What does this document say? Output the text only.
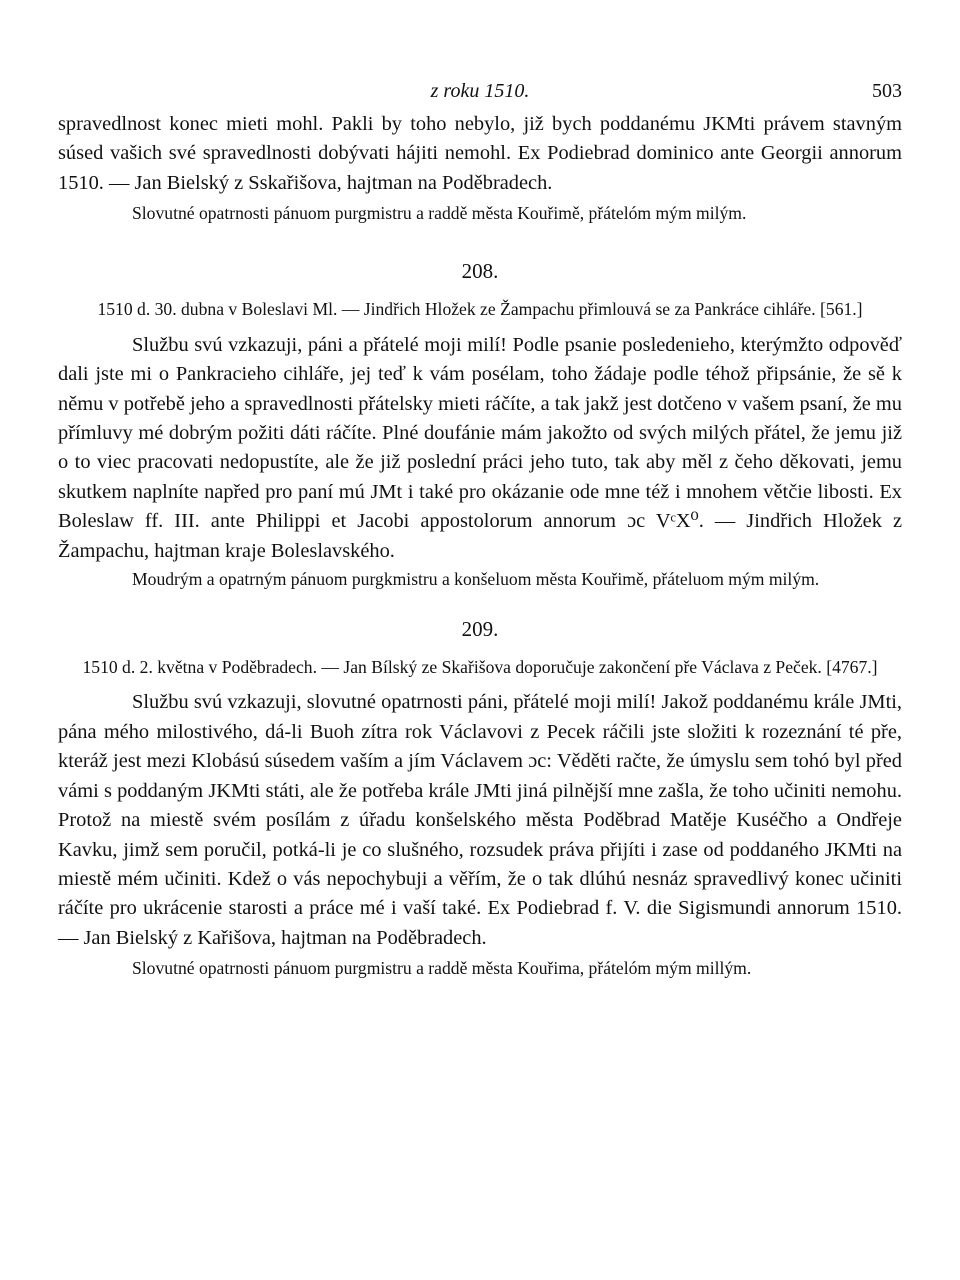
z roku 1510.	503

spravedlnost konec mieti mohl. Pakli by toho nebylo, již bych poddanému JKMti právem stavným súsed vašich své spravedlnosti dobývati hájiti nemohl. Ex Podiebrad dominico ante Georgii annorum 1510. — Jan Bielský z Sskařišova, hajtman na Poděbradech.

Slovutné opatrnosti pánuom purgmistru a raddě města Kouřimě, přátelóm mým milým.

208.

1510 d. 30. dubna v Boleslavi Ml. — Jindřich Hložek ze Žampachu přimlouvá se za Pankráce cihláře. [561.]

Službu svú vzkazuji, páni a přátelé moji milí! Podle psanie posledenieho, kterýmžto odpověď dali jste mi o Pankracieho cihláře, jej teď k vám posélam, toho žádaje podle téhož připsánie, že sě k němu v potřebě jeho a spravedlnosti přátelsky mieti ráčíte, a tak jakž jest dotčeno v vašem psaní, že mu přímluvy mé dobrým požiti dáti ráčíte. Plné doufánie mám jakožto od svých milých přátel, že jemu již o to viec pracovati nedopustíte, ale že již poslední práci jeho tuto, tak aby měl z čeho děkovati, jemu skutkem naplníte napřed pro paní mú JMt i také pro okázanie ode mne též i mnohem větčie libosti. Ex Boleslaw ff. III. ante Philippi et Jacobi appostolorum annorum ɔc VᶜX⁰. — Jindřich Hložek z Žampachu, hajtman kraje Boleslavského.

Moudrým a opatrným pánuom purgkmistru a konšeluom města Kouřimě, přáteluom mým milým.

209.

1510 d. 2. května v Poděbradech. — Jan Bílský ze Skařišova doporučuje zakončení pře Václava z Peček. [4767.]

Službu svú vzkazuji, slovutné opatrnosti páni, přátelé moji milí! Jakož poddanému krále JMti, pána mého milostivého, dá-li Buoh zítra rok Václavovi z Pecek ráčili jste složiti k rozeznání té pře, kteráž jest mezi Klobású súsedem vaším a jím Václavem ɔc: Věděti račte, že úmyslu sem tohó byl před vámi s poddaným JKMti státi, ale že potřeba krále JMti jiná pilnější mne zašla, že toho učiniti nemohu. Protož na miestě svém posílám z úřadu konšelského města Poděbrad Matěje Kuséčho a Ondřeje Kavku, jimž sem poručil, potká-li je co slušného, rozsudek práva přijíti i zase od poddaného JKMti na miestě mém učiniti. Kdež o vás nepochybuji a věřím, že o tak dlúhú nesnáz spravedlivý konec učiniti ráčíte pro ukrácenie starosti a práce mé i vaší také. Ex Podiebrad f. V. die Sigismundi annorum 1510. — Jan Bielský z Kařišova, hajtman na Poděbradech.

Slovutné opatrnosti pánuom purgmistru a raddě města Kouřima, přátelóm mým millým.
